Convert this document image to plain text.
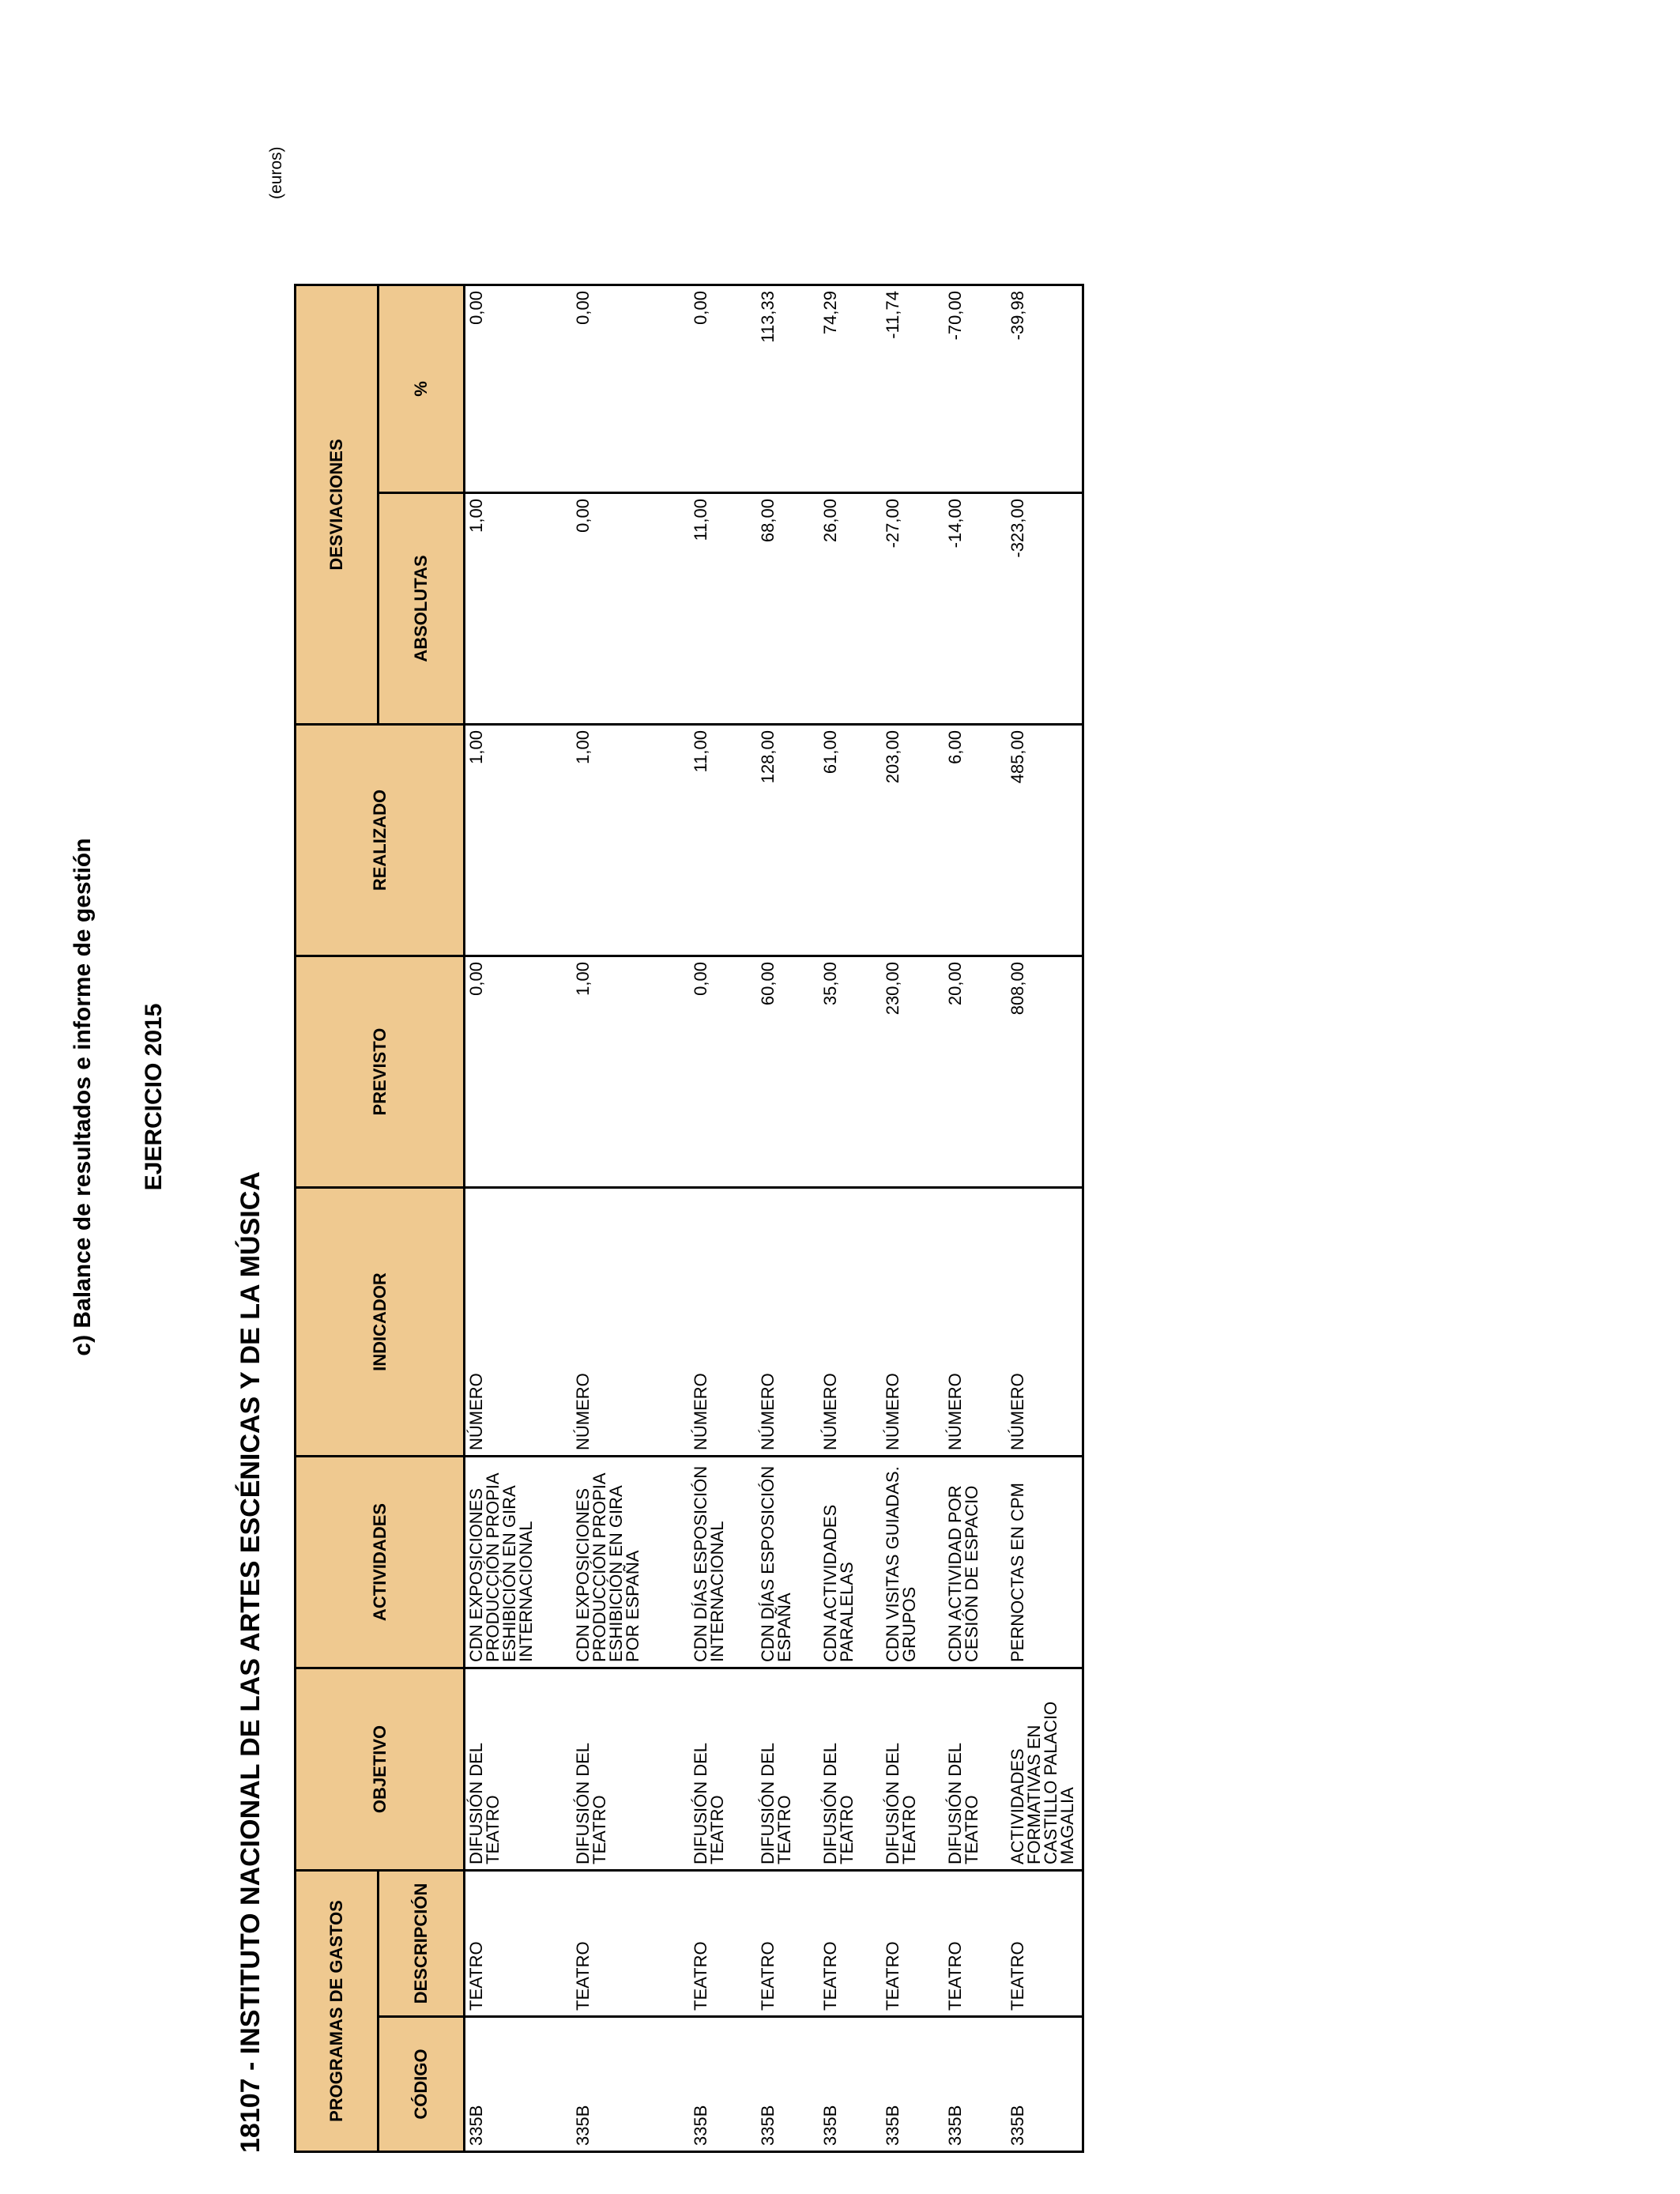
c) Balance de resultados e informe de gestión EJERCICIO 2015
18107 - INSTITUTO NACIONAL DE LAS ARTES ESCÉNICAS Y DE LA MÚSICA
(euros)
PROGRAMAS DE GASTOS		OBJETIVO	ACTIVIDADES	INDICADOR	PREVISTO	REALIZADO	DESVIACIONES	
CÓDIGO	DESCRIPCIÓN						ABSOLUTAS	%
335B	TEATRO	DIFUSIÓN DEL TEATRO	CDN EXPOSICIONES PRODUCCIÓN PROPIA ESHIBICIÓN EN GIRA INTERNACIONAL	NÚMERO	0,00	1,00	1,00	0,00
335B	TEATRO	DIFUSIÓN DEL TEATRO	CDN EXPOSICIONES PRODUCCIÓN PROPIA ESHIBICIÓN EN GIRA POR ESPAÑA	NÚMERO	1,00	1,00	0,00	0,00
335B	TEATRO	DIFUSIÓN DEL TEATRO	CDN DÍAS ESPOSICIÓN INTERNACIONAL	NÚMERO	0,00	11,00	11,00	0,00
335B	TEATRO	DIFUSIÓN DEL TEATRO	CDN DÍAS ESPOSICIÓN ESPAÑA	NÚMERO	60,00	128,00	68,00	113,33
335B	TEATRO	DIFUSIÓN DEL TEATRO	CDN ACTIVIDADES PARALELAS	NÚMERO	35,00	61,00	26,00	74,29
335B	TEATRO	DIFUSIÓN DEL TEATRO	CDN VISITAS GUIADAS. GRUPOS	NÚMERO	230,00	203,00	-27,00	-11,74
335B	TEATRO	DIFUSIÓN DEL TEATRO	CDN ACTIVIDAD POR CESIÓN DE ESPACIO	NÚMERO	20,00	6,00	-14,00	-70,00
335B	TEATRO	ACTIVIDADES FORMATIVAS EN CASTILLO PALACIO MAGALIA	PERNOCTAS EN CPM	NÚMERO	808,00	485,00	-323,00	-39,98
